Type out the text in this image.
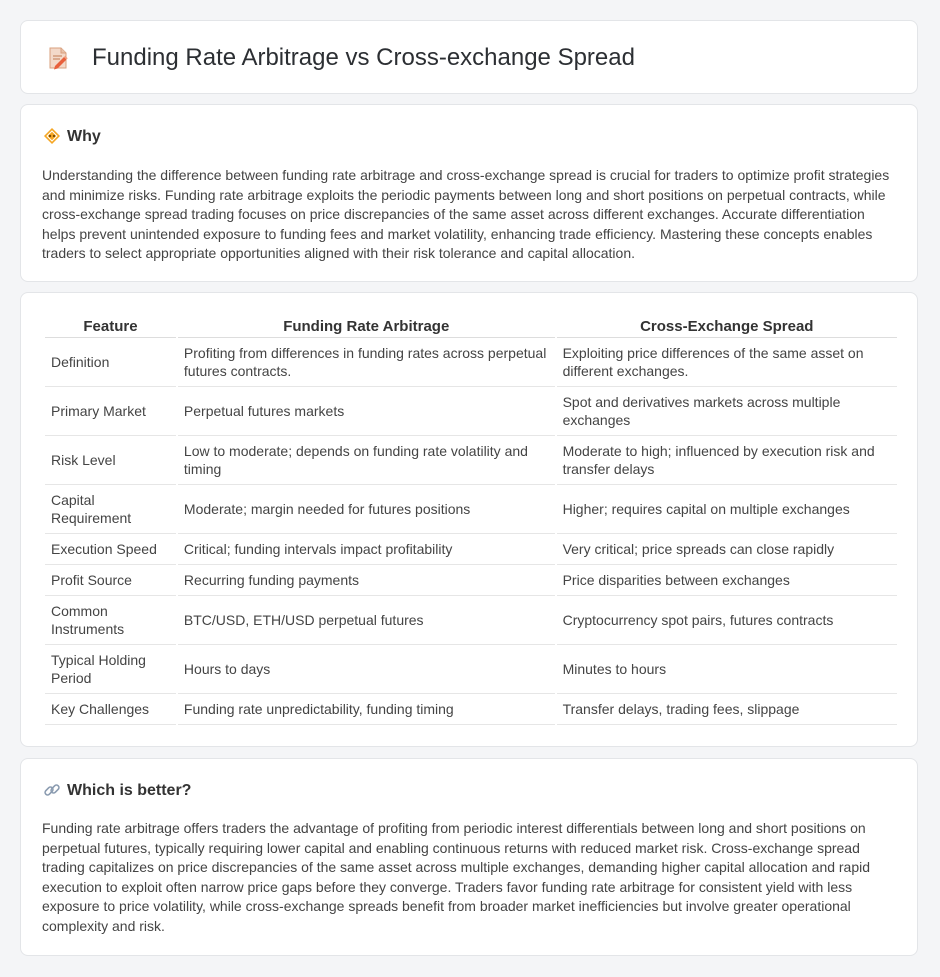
Funding Rate Arbitrage vs Cross-exchange Spread
Why

Understanding the difference between funding rate arbitrage and cross-exchange spread is crucial for traders to optimize profit strategies and minimize risks. Funding rate arbitrage exploits the periodic payments between long and short positions on perpetual contracts, while cross-exchange spread trading focuses on price discrepancies of the same asset across different exchanges. Accurate differentiation helps prevent unintended exposure to funding fees and market volatility, enhancing trade efficiency. Mastering these concepts enables traders to select appropriate opportunities aligned with their risk tolerance and capital allocation.

Feature	Funding Rate Arbitrage	Cross-Exchange Spread
Definition	Profiting from differences in funding rates across perpetual futures contracts.	Exploiting price differences of the same asset on different exchanges.
Primary Market	Perpetual futures markets	Spot and derivatives markets across multiple exchanges
Risk Level	Low to moderate; depends on funding rate volatility and timing	Moderate to high; influenced by execution risk and transfer delays
Capital Requirement	Moderate; margin needed for futures positions	Higher; requires capital on multiple exchanges
Execution Speed	Critical; funding intervals impact profitability	Very critical; price spreads can close rapidly
Profit Source	Recurring funding payments	Price disparities between exchanges
Common Instruments	BTC/USD, ETH/USD perpetual futures	Cryptocurrency spot pairs, futures contracts
Typical Holding Period	Hours to days	Minutes to hours
Key Challenges	Funding rate unpredictability, funding timing	Transfer delays, trading fees, slippage
Which is better?

Funding rate arbitrage offers traders the advantage of profiting from periodic interest differentials between long and short positions on perpetual futures, typically requiring lower capital and enabling continuous returns with reduced market risk. Cross-exchange spread trading capitalizes on price discrepancies of the same asset across multiple exchanges, demanding higher capital allocation and rapid execution to exploit often narrow price gaps before they converge. Traders favor funding rate arbitrage for consistent yield with less exposure to price volatility, while cross-exchange spreads benefit from broader market inefficiencies but involve greater operational complexity and risk.
